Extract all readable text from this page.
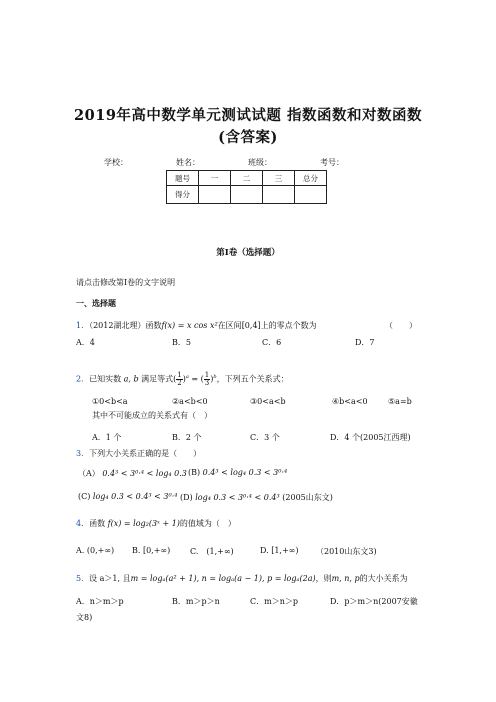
2019年高中数学单元测试试题 指数函数和对数函数
(含答案)
学校：	姓名：	班级：	考号：
题号	一	二	三	总分
得分				
第I卷（选择题）
请点击修改第I卷的文字说明
一、选择题
1．（2012湖北理）函数f(x) = x cos x²在区间[0,4]上的零点个数为	（　　）
A．4	B．5	C．6	D．7
2．已知实数 a, b 满足等式( $\frac{1}{2} )^a$ = ( $\frac{1}{3} )^b$，下列五个关系式：
①0<b<a	②a<b<0	③0<a<b	④b<a<0	⑤a=b
其中不可能成立的关系式有（　）
A．1 个	B．2 个	C．3 个	D．4 个(2005江西理)
3．下列大小关系正确的是（　　）
（A） 0.4³ < 3⁰·⁴ < log₄ 0.3 (B) 0.4³ < log₄ 0.3 < 3⁰·⁴
(C) log₄ 0.3 < 0.4³ < 3⁰·⁴ (D) log₄ 0.3 < 3⁰·⁴ < 0.4³ (2005山东文)
4．函数 f(x) = log₂(3ˣ + 1)的值域为（　）
A. (0,+∞) B. [0,+∞) C.　(1,+∞)	D. [1,+∞) （2010山东文3)
5．设 a＞1, 且m = logₐ(a² + 1), n = logₐ(a − 1), p = logₐ(2a)，则m, n, p的大小关系为
A．n＞m＞p	B．m＞p＞n	C．m＞n＞p	D．p＞m＞n(2007安徽
文8)
